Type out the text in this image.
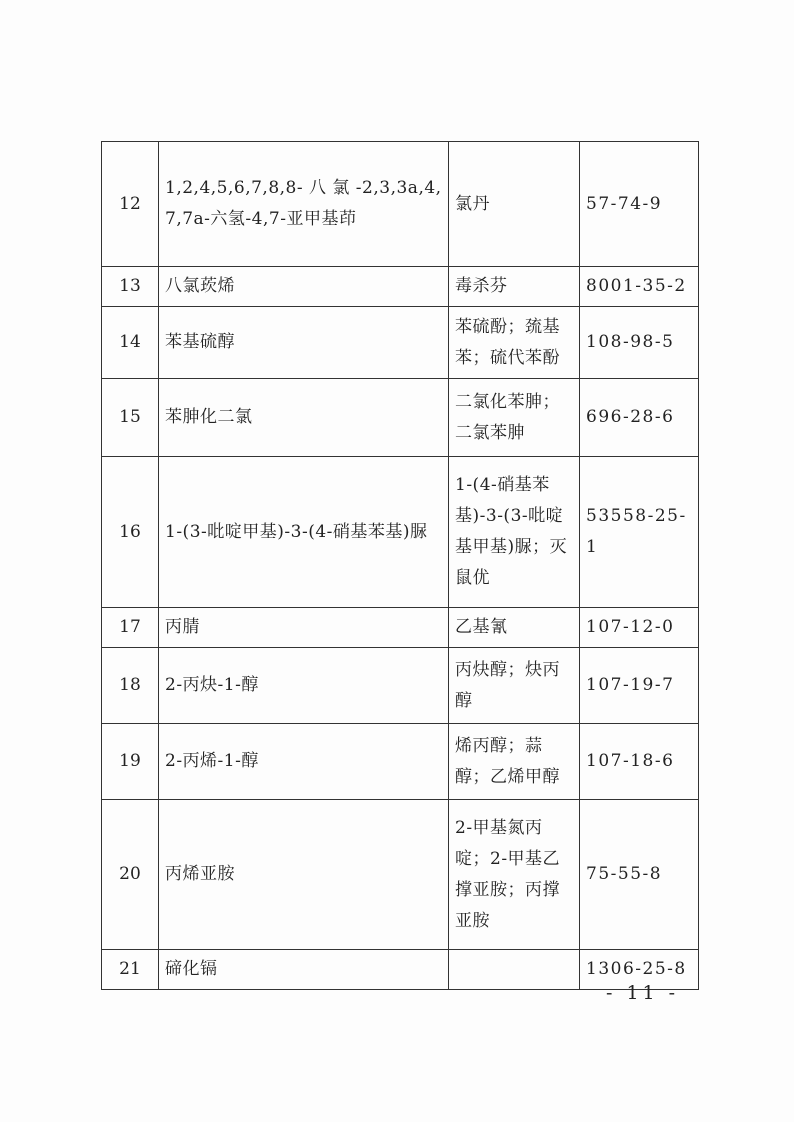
12	1,2,4,5,6,7,8,8- 八 氯 -2,3,3a,4,7,7a-六氢-4,7-亚甲基茚	氯丹	57-74-9
13	八氯莰烯	毒杀芬	8001-35-2
14	苯基硫醇	苯硫酚；巯基苯；硫代苯酚	108-98-5
15	苯胂化二氯	二氯化苯胂；二氯苯胂	696-28-6
16	1-(3-吡啶甲基)-3-(4-硝基苯基)脲	1-(4-硝基苯基)-3-(3-吡啶基甲基)脲；灭鼠优	53558-25-1
17	丙腈	乙基氰	107-12-0
18	2-丙炔-1-醇	丙炔醇；炔丙醇	107-19-7
19	2-丙烯-1-醇	烯丙醇；蒜醇；乙烯甲醇	107-18-6
20	丙烯亚胺	2-甲基氮丙啶；2-甲基乙撑亚胺；丙撑亚胺	75-55-8
21	碲化镉		1306-25-8
- 11 -
